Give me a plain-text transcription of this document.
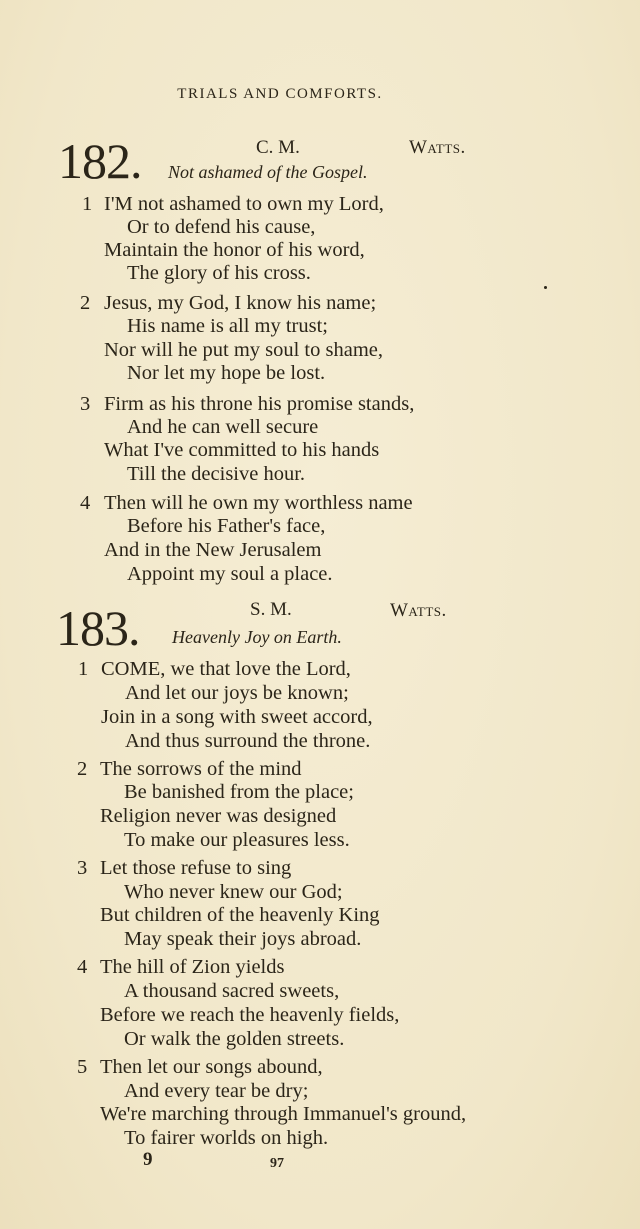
TRIALS AND COMFORTS.
182.	C. M.	Watts.
Not ashamed of the Gospel.
1 I'M not ashamed to own my Lord,
Or to defend his cause,
Maintain the honor of his word,
The glory of his cross.
2 Jesus, my God, I know his name;
His name is all my trust;
Nor will he put my soul to shame,
Nor let my hope be lost.
3 Firm as his throne his promise stands,
And he can well secure
What I've committed to his hands
Till the decisive hour.
4 Then will he own my worthless name
Before his Father's face,
And in the New Jerusalem
Appoint my soul a place.
183.	S. M.	Watts.
Heavenly Joy on Earth.
1 COME, we that love the Lord,
And let our joys be known;
Join in a song with sweet accord,
And thus surround the throne.
2 The sorrows of the mind
Be banished from the place;
Religion never was designed
To make our pleasures less.
3 Let those refuse to sing
Who never knew our God;
But children of the heavenly King
May speak their joys abroad.
4 The hill of Zion yields
A thousand sacred sweets,
Before we reach the heavenly fields,
Or walk the golden streets.
5 Then let our songs abound,
And every tear be dry;
We're marching through Immanuel's ground,
To fairer worlds on high.
9	97
